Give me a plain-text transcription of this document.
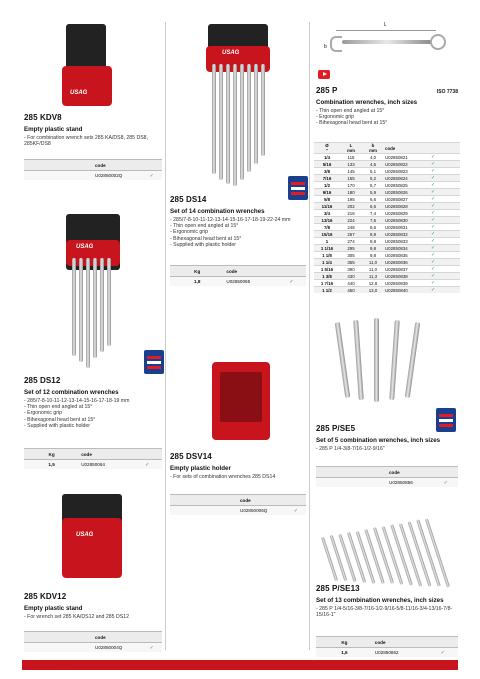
USAG
285 KDV8
Empty plastic stand
- For combination wrench sets 285 KA/DS8, 285 DS8, 285KF/DS8
	code	
	U02850002Q	✓
USAG
285 DS12
Set of 12 combination wrenches
- 285/7-8-10-11-12-13-14-15-16-17-18-19 mm
- Thin open end angled at 15°
- Ergonomic grip
- Bihexagonal head bent at 15°
- Supplied with plastic holder
Kg	code	
1,5	U02850064	✓
USAG
285 KDV12
Empty plastic stand
- For wrench set 285 KA/DS12 and 285 DS12
	code	
	U02850004Q	✓
USAG
285 DS14
Set of 14 combination wrenches
- 285/7-8-10-11-12-13-14-15-16-17-18-19-22-24 mm
- Thin open end angled at 15°
- Ergonomic grip
- Bihexagonal head bent at 15°
- Supplied with plastic holder
Kg	code	
1,8	U02850065	✓
285 DSV14
Empty plastic holder
- For sets of combination wrenches 285 DS14
	code	
	U02850006Q	✓
L
b
285 P	ISO 7738
Combination wrenches, inch sizes
- Thin open end angled at 15°
- Ergonomic grip
- Bihexagonal head bent at 15°
Ø
"	L
mm	b
mm	code	
1/4	115	4,0	U02850821	✓
5/16	133	4,6	U02850822	✓
3/8	145	5,1	U02850823	✓
7/16	155	5,2	U02850824	✓
1/2	170	5,7	U02850825	✓
9/16	180	5,9	U02850826	✓
5/8	195	6,6	U02850827	✓
11/16	202	6,6	U02850828	✓
3/4	216	7,4	U02850829	✓
13/16	224	7,5	U02850830	✓
7/8	248	8,6	U02850831	✓
15/16	267	8,9	U02850832	✓
1	274	9,8	U02850833	✓
1 1/16	295	9,8	U02850834	✓
1 1/8	305	9,8	U02850835	✓
1 1/4	355	11,0	U02850836	✓
1 5/16	390	11,0	U02850837	✓
1 3/8	430	11,3	U02850838	✓
1 7/16	440	12,8	U02850839	✓
1 1/2	450	13,0	U02850840	✓
285 P/SE5
Set of 5 combination wrenches, inch sizes
- 285 P 1/4-3/8-7/16-1/2-9/16"
	code	
	U02850856	✓
285 P/SE13
Set of 13 combination wrenches, inch sizes
- 285 P 1/4-5/16-3/8-7/16-1/2-9/16-5/8-11/16-3/4-13/16-7/8-15/16-1"
Kg	code	
1,6	U02850862	✓
126 USAG
